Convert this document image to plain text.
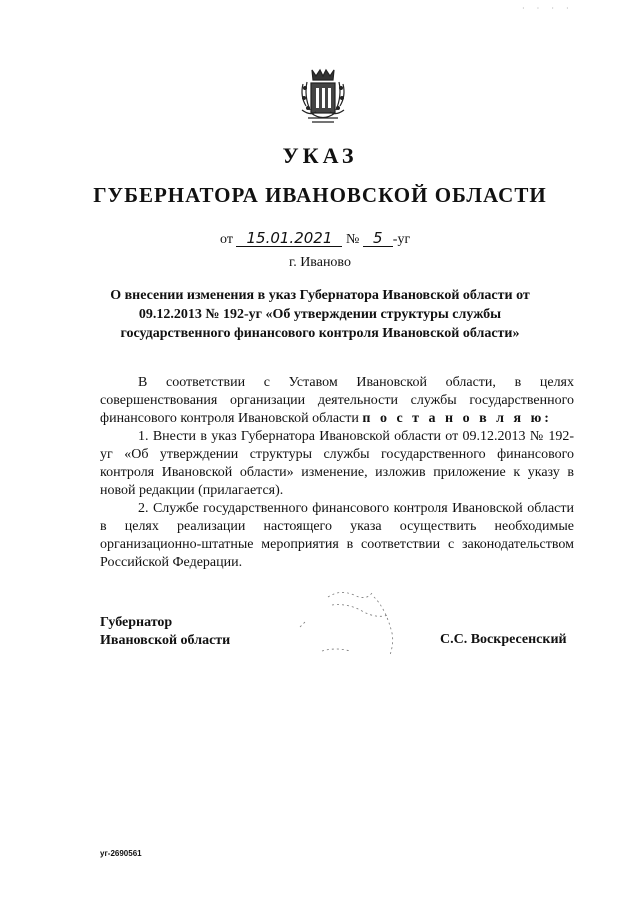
· · · ·
УКАЗ
ГУБЕРНАТОРА ИВАНОВСКОЙ ОБЛАСТИ
от 15.01.2021 № 5 -уг
г. Иваново
О внесении изменения в указ Губернатора Ивановской области от 09.12.2013 № 192-уг «Об утверждении структуры службы государственного финансового контроля Ивановской области»

В соответствии с Уставом Ивановской области, в целях совершенствования организации деятельности службы государственного финансового контроля Ивановской области п о с т а н о в л я ю:

1. Внести в указ Губернатора Ивановской области от 09.12.2013 № 192-уг «Об утверждении структуры службы государственного финансового контроля Ивановской области» изменение, изложив приложение к указу в новой редакции (прилагается).

2. Службе государственного финансового контроля Ивановской области в целях реализации настоящего указа осуществить необходимые организационно-штатные мероприятия в соответствии с законодательством Российской Федерации.

Губернатор
Ивановской области	С.С. Воскресенский
уг-2690561
